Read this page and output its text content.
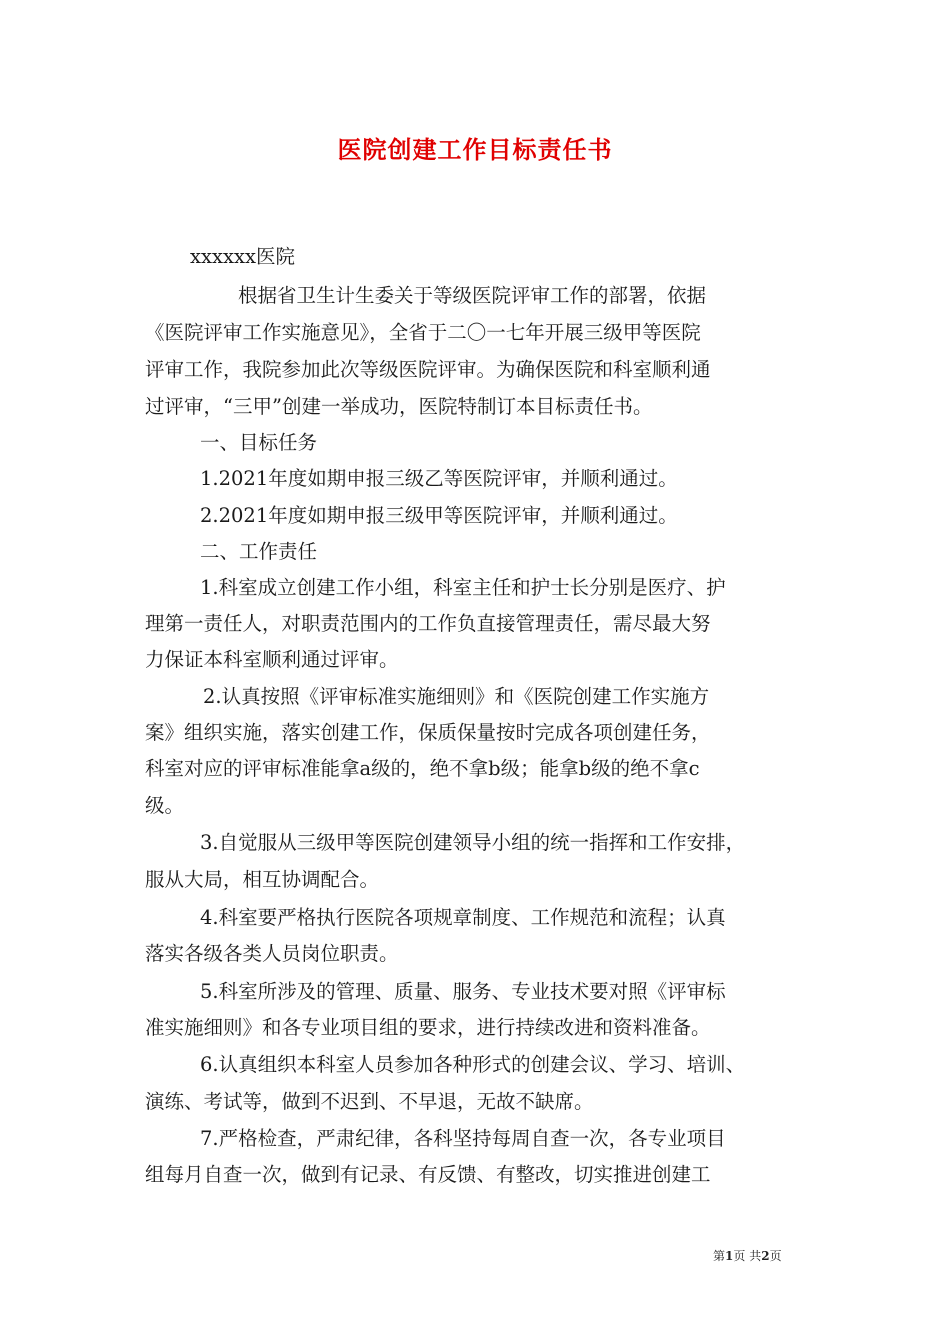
医院创建工作目标责任书
xxxxxx医院
根据省卫生计生委关于等级医院评审工作的部署，依据
《医院评审工作实施意见》，全省于二〇一七年开展三级甲等医院
评审工作，我院参加此次等级医院评审。为确保医院和科室顺利通
过评审，“三甲”创建一举成功，医院特制订本目标责任书。
一、目标任务
1.2021年度如期申报三级乙等医院评审，并顺利通过。
2.2021年度如期申报三级甲等医院评审，并顺利通过。
二、工作责任
1.科室成立创建工作小组，科室主任和护士长分别是医疗、护
理第一责任人，对职责范围内的工作负直接管理责任，需尽最大努
力保证本科室顺利通过评审。
2.认真按照《评审标准实施细则》和《医院创建工作实施方
案》组织实施，落实创建工作，保质保量按时完成各项创建任务，
科室对应的评审标准能拿a级的，绝不拿b级；能拿b级的绝不拿c
级。
3.自觉服从三级甲等医院创建领导小组的统一指挥和工作安排，
服从大局，相互协调配合。
4.科室要严格执行医院各项规章制度、工作规范和流程；认真
落实各级各类人员岗位职责。
5.科室所涉及的管理、质量、服务、专业技术要对照《评审标
准实施细则》和各专业项目组的要求，进行持续改进和资料准备。
6.认真组织本科室人员参加各种形式的创建会议、学习、培训、
演练、考试等，做到不迟到、不早退，无故不缺席。
7.严格检查，严肃纪律，各科坚持每周自查一次，各专业项目
组每月自查一次，做到有记录、有反馈、有整改，切实推进创建工
第1页 共2页
